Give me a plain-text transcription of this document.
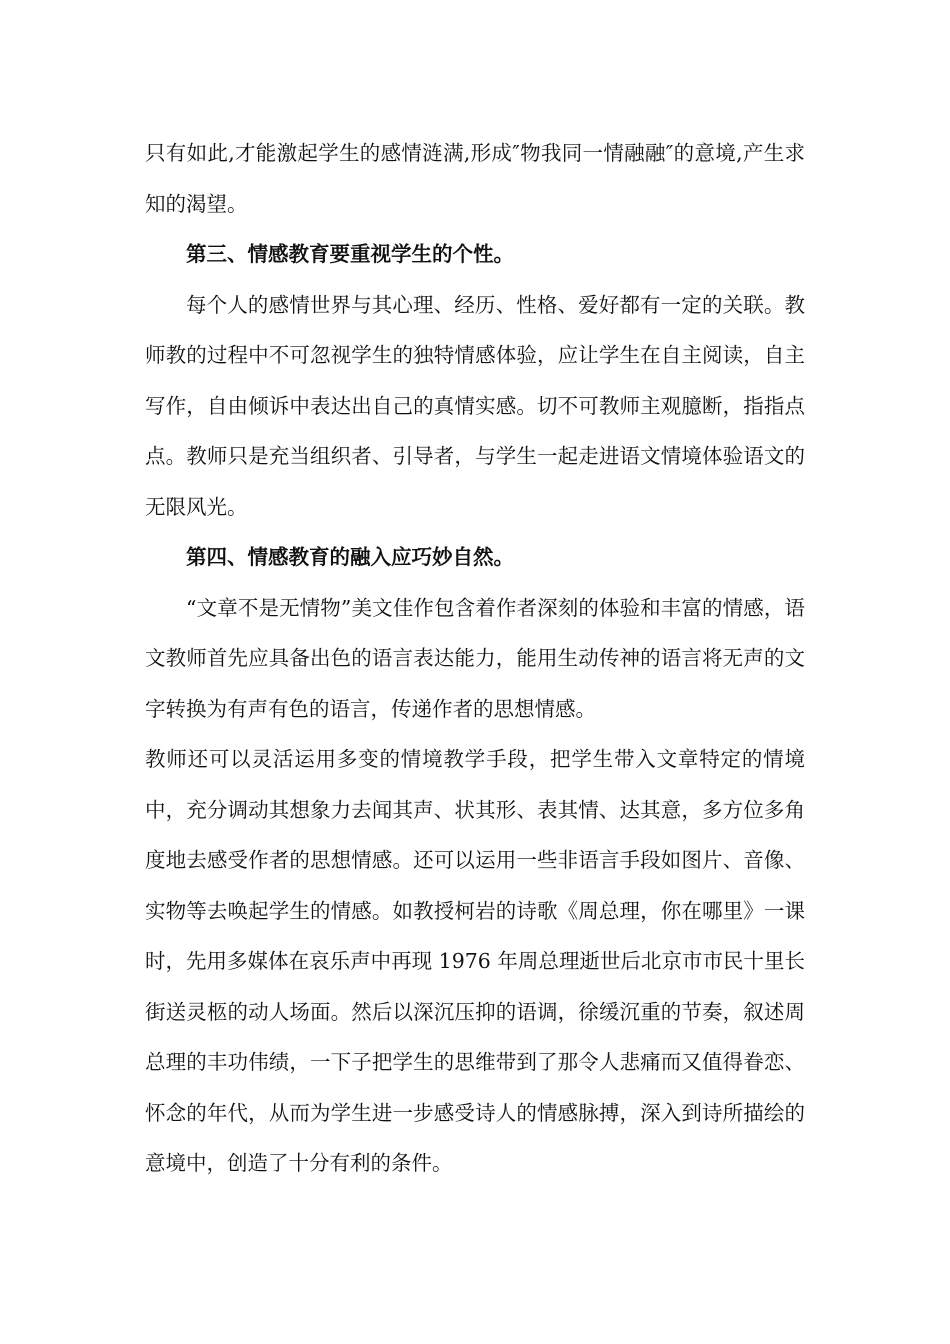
只有如此,才能激起学生的感情涟满,形成″物我同一情融融″的意境,产生求知的渴望。

第三、情感教育要重视学生的个性。

每个人的感情世界与其心理、经历、性格、爱好都有一定的关联。教师教的过程中不可忽视学生的独特情感体验，应让学生在自主阅读，自主写作，自由倾诉中表达出自己的真情实感。切不可教师主观臆断，指指点点。教师只是充当组织者、引导者，与学生一起走进语文情境体验语文的无限风光。

第四、情感教育的融入应巧妙自然。

“文章不是无情物”美文佳作包含着作者深刻的体验和丰富的情感，语文教师首先应具备出色的语言表达能力，能用生动传神的语言将无声的文字转换为有声有色的语言，传递作者的思想情感。

教师还可以灵活运用多变的情境教学手段，把学生带入文章特定的情境中，充分调动其想象力去闻其声、状其形、表其情、达其意，多方位多角度地去感受作者的思想情感。还可以运用一些非语言手段如图片、音像、实物等去唤起学生的情感。如教授柯岩的诗歌《周总理，你在哪里》一课时，先用多媒体在哀乐声中再现 1976 年周总理逝世后北京市市民十里长街送灵柩的动人场面。然后以深沉压抑的语调，徐缓沉重的节奏，叙述周总理的丰功伟绩，一下子把学生的思维带到了那令人悲痛而又值得眷恋、怀念的年代，从而为学生进一步感受诗人的情感脉搏，深入到诗所描绘的意境中，创造了十分有利的条件。
